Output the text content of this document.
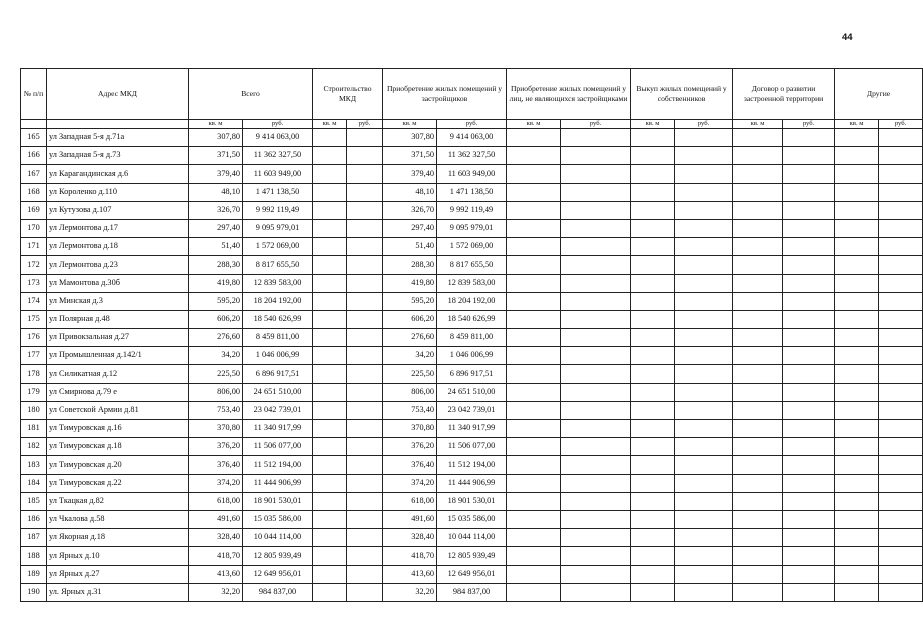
44
№ п/п	Адрес МКД	Всего		Строительство МКД		Приобретение жилых помещений у застройщиков		Приобретение жилых помещений у лиц, не являющихся застройщиками		Выкуп жилых помещений у собственников		Договор о развитии застроенной территории		Другие	
		кв. м	руб.	кв. м	руб.	кв. м	руб.	кв. м	руб.	кв. м	руб.	кв. м	руб.	кв. м	руб.
165	ул Западная 5-я д.71а	307,80	9 414 063,00			307,80	9 414 063,00								
166	ул Западная 5-я д.73	371,50	11 362 327,50			371,50	11 362 327,50								
167	ул Карагандинская д.6	379,40	11 603 949,00			379,40	11 603 949,00								
168	ул Короленко д.110	48,10	1 471 138,50			48,10	1 471 138,50								
169	ул Кутузова д.107	326,70	9 992 119,49			326,70	9 992 119,49								
170	ул Лермонтова д.17	297,40	9 095 979,01			297,40	9 095 979,01								
171	ул Лермонтова д.18	51,40	1 572 069,00			51,40	1 572 069,00								
172	ул Лермонтова д.23	288,30	8 817 655,50			288,30	8 817 655,50								
173	ул Мамонтова д.30б	419,80	12 839 583,00			419,80	12 839 583,00								
174	ул Минская д.3	595,20	18 204 192,00			595,20	18 204 192,00								
175	ул Полярная д.48	606,20	18 540 626,99			606,20	18 540 626,99								
176	ул Привокзальная д.27	276,60	8 459 811,00			276,60	8 459 811,00								
177	ул Промышленная д.142/1	34,20	1 046 006,99			34,20	1 046 006,99								
178	ул Силикатная д.12	225,50	6 896 917,51			225,50	6 896 917,51								
179	ул Смирнова д.79 е	806,00	24 651 510,00			806,00	24 651 510,00								
180	ул Советской Армии д.81	753,40	23 042 739,01			753,40	23 042 739,01								
181	ул Тимуровская д.16	370,80	11 340 917,99			370,80	11 340 917,99								
182	ул Тимуровская д.18	376,20	11 506 077,00			376,20	11 506 077,00								
183	ул Тимуровская д.20	376,40	11 512 194,00			376,40	11 512 194,00								
184	ул Тимуровская д.22	374,20	11 444 906,99			374,20	11 444 906,99								
185	ул Ткацкая д.82	618,00	18 901 530,01			618,00	18 901 530,01								
186	ул Чкалова д.58	491,60	15 035 586,00			491,60	15 035 586,00								
187	ул Якорная д.18	328,40	10 044 114,00			328,40	10 044 114,00								
188	ул Ярных д.10	418,70	12 805 939,49			418,70	12 805 939,49								
189	ул Ярных д.27	413,60	12 649 956,01			413,60	12 649 956,01								
190	ул. Ярных д.31	32,20	984 837,00			32,20	984 837,00								
